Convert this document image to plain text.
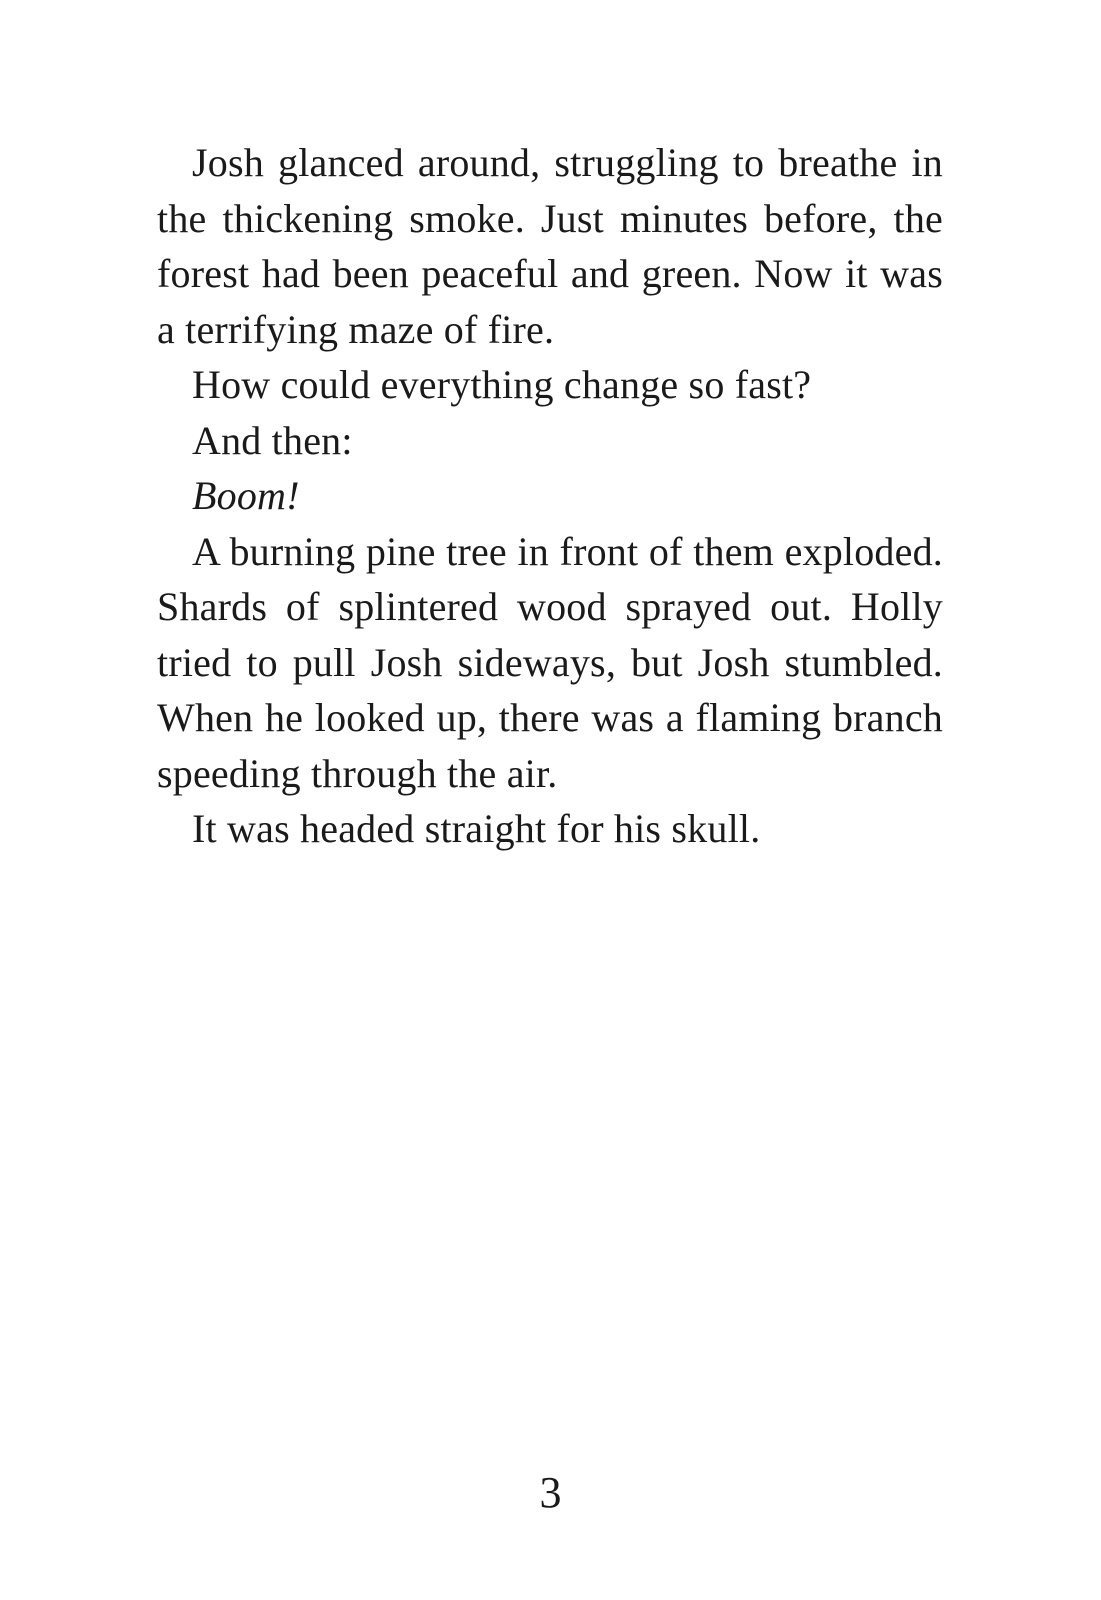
Josh glanced around, struggling to breathe in the thickening smoke. Just minutes before, the forest had been peaceful and green. Now it was a terrifying maze of fire.

How could everything change so fast?

And then:

Boom!

A burning pine tree in front of them exploded. Shards of splintered wood sprayed out. Holly tried to pull Josh sideways, but Josh stumbled. When he looked up, there was a flaming branch speeding through the air.

It was headed straight for his skull.

3
